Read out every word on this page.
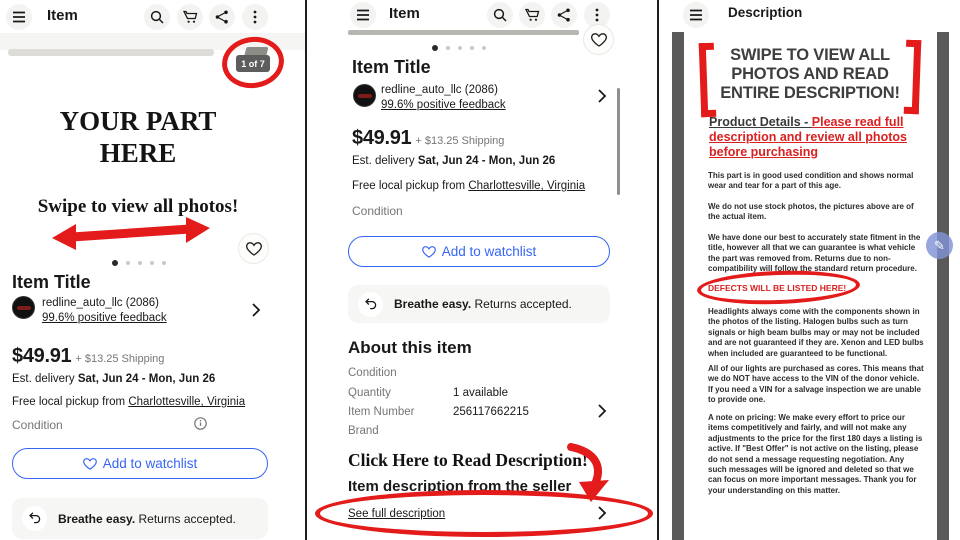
Item
1 of 7
YOUR PART
HERE
Swipe to view all photos!
Item Title
redline_auto_llc (2086)
99.6% positive feedback
$49.91 + $13.25 Shipping
Est. delivery Sat, Jun 24 - Mon, Jun 26
Free local pickup from Charlottesville, Virginia
Condition
Add to watchlist
Breathe easy. Returns accepted.
Item
Item Title
redline_auto_llc (2086)
99.6% positive feedback
$49.91 + $13.25 Shipping
Est. delivery Sat, Jun 24 - Mon, Jun 26
Free local pickup from Charlottesville, Virginia
Condition
Add to watchlist
Breathe easy. Returns accepted.
About this item
Condition
Quantity	1 available
Item Number	256117662215
Brand
Click Here to Read Description!
Item description from the seller
See full description
Description
SWIPE TO VIEW ALL PHOTOS AND READ ENTIRE DESCRIPTION!
Product Details - Please read full description and review all photos before purchasing
This part is in good used condition and shows normal wear and tear for a part of this age.
We do not use stock photos, the pictures above are of the actual item.
We have done our best to accurately state fitment in the title, however all that we can guarantee is what vehicle the part was removed from. Returns due to non-compatibility will follow the standard return procedure.
DEFECTS WILL BE LISTED HERE!
Headlights always come with the components shown in the photos of the listing. Halogen bulbs such as turn signals or high beam bulbs may or may not be included and are not guaranteed if they are. Xenon and LED bulbs when included are guaranteed to be functional.
All of our lights are purchased as cores. This means that we do NOT have access to the VIN of the donor vehicle. If you need a VIN for a salvage inspection we are unable to provide one.
A note on pricing: We make every effort to price our items competitively and fairly, and will not make any adjustments to the price for the first 180 days a listing is active. If "Best Offer" is not active on the listing, please do not send a message requesting negotiation. Any such messages will be ignored and deleted so that we can focus on more important messages. Thank you for your understanding on this matter.
✎
